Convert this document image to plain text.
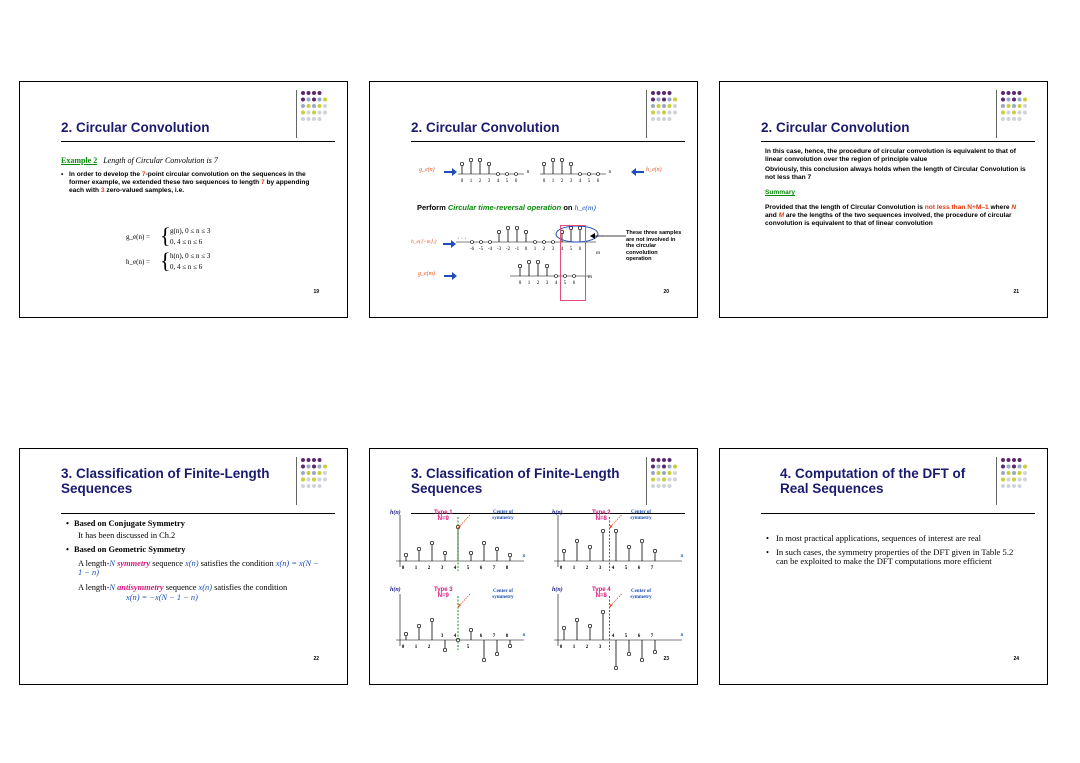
2. Circular Convolution
Example 2 Length of Circular Convolution is 7
• In order to develop the 7-point circular convolution on the sequences in the former example, we extended these two sequences to length 7 by appending each with 3 zero-valued samples, i.e.
g_e(n) = { g(n), 0 ≤ n ≤ 3
0, 4 ≤ n ≤ 6
h_e(n) = { h(n), 0 ≤ n ≤ 3
0, 4 ≤ n ≤ 6
19
2. Circular Convolution
g_e(n)
0 1 2 3 4 5 6
n
0 1 2 3 4 5 6
n	h_e(n)
Perform Circular time-reversal operation on h_e(m)
h_e(⟨−m⟩₇)	· · ·
-6 -5 -4 -3 -2 -1 0 1 2 3 4 5 6
m
· · ·
These three samples are not involved in the circular convolution operation
g_e(m)
0 1 2 3 4 5 6
m
20
2. Circular Convolution
In this case, hence, the procedure of circular convolution is equivalent to that of linear convolution over the region of principle value
Obviously, this conclusion always holds when the length of Circular Convolution is not less than 7
Summary
Provided that the length of Circular Convolution is not less than N+M–1 where N and M are the lengths of the two sequences involved, the procedure of circular convolution is equivalent to that of linear convolution
21
3. Classification of Finite-Length Sequences
• Based on Conjugate Symmetry
It has been discussed in Ch.2
• Based on Geometric Symmetry
A length-N symmetry sequence x(n) satisfies the condition x(n) = x(N − 1 − n)
A length-N antisymmetry sequence x(n) satisfies the condition
x(n) = −x(N − 1 − n)
22
3. Classification of Finite-Length Sequences
h(n)	Type 1
N=9
Center of symmetry
0 1 2 3 4 5 6 7 8
n
h(n)	Type 2
N=8
Center of symmetry
0 1 2 3 4 5 6 7
n
h(n)	Type 3
N=9
Center of symmetry
0 1 2
3 4
5
6 7 8	n
h(n)	Type 4
N=8
Center of symmetry
0 1 2 3
4 5 6 7	n
23
4. Computation of the DFT of Real Sequences
• In most practical applications, sequences of interest are real
• In such cases, the symmetry properties of the DFT given in Table 5.2 can be exploited to make the DFT computations more efficient
24
